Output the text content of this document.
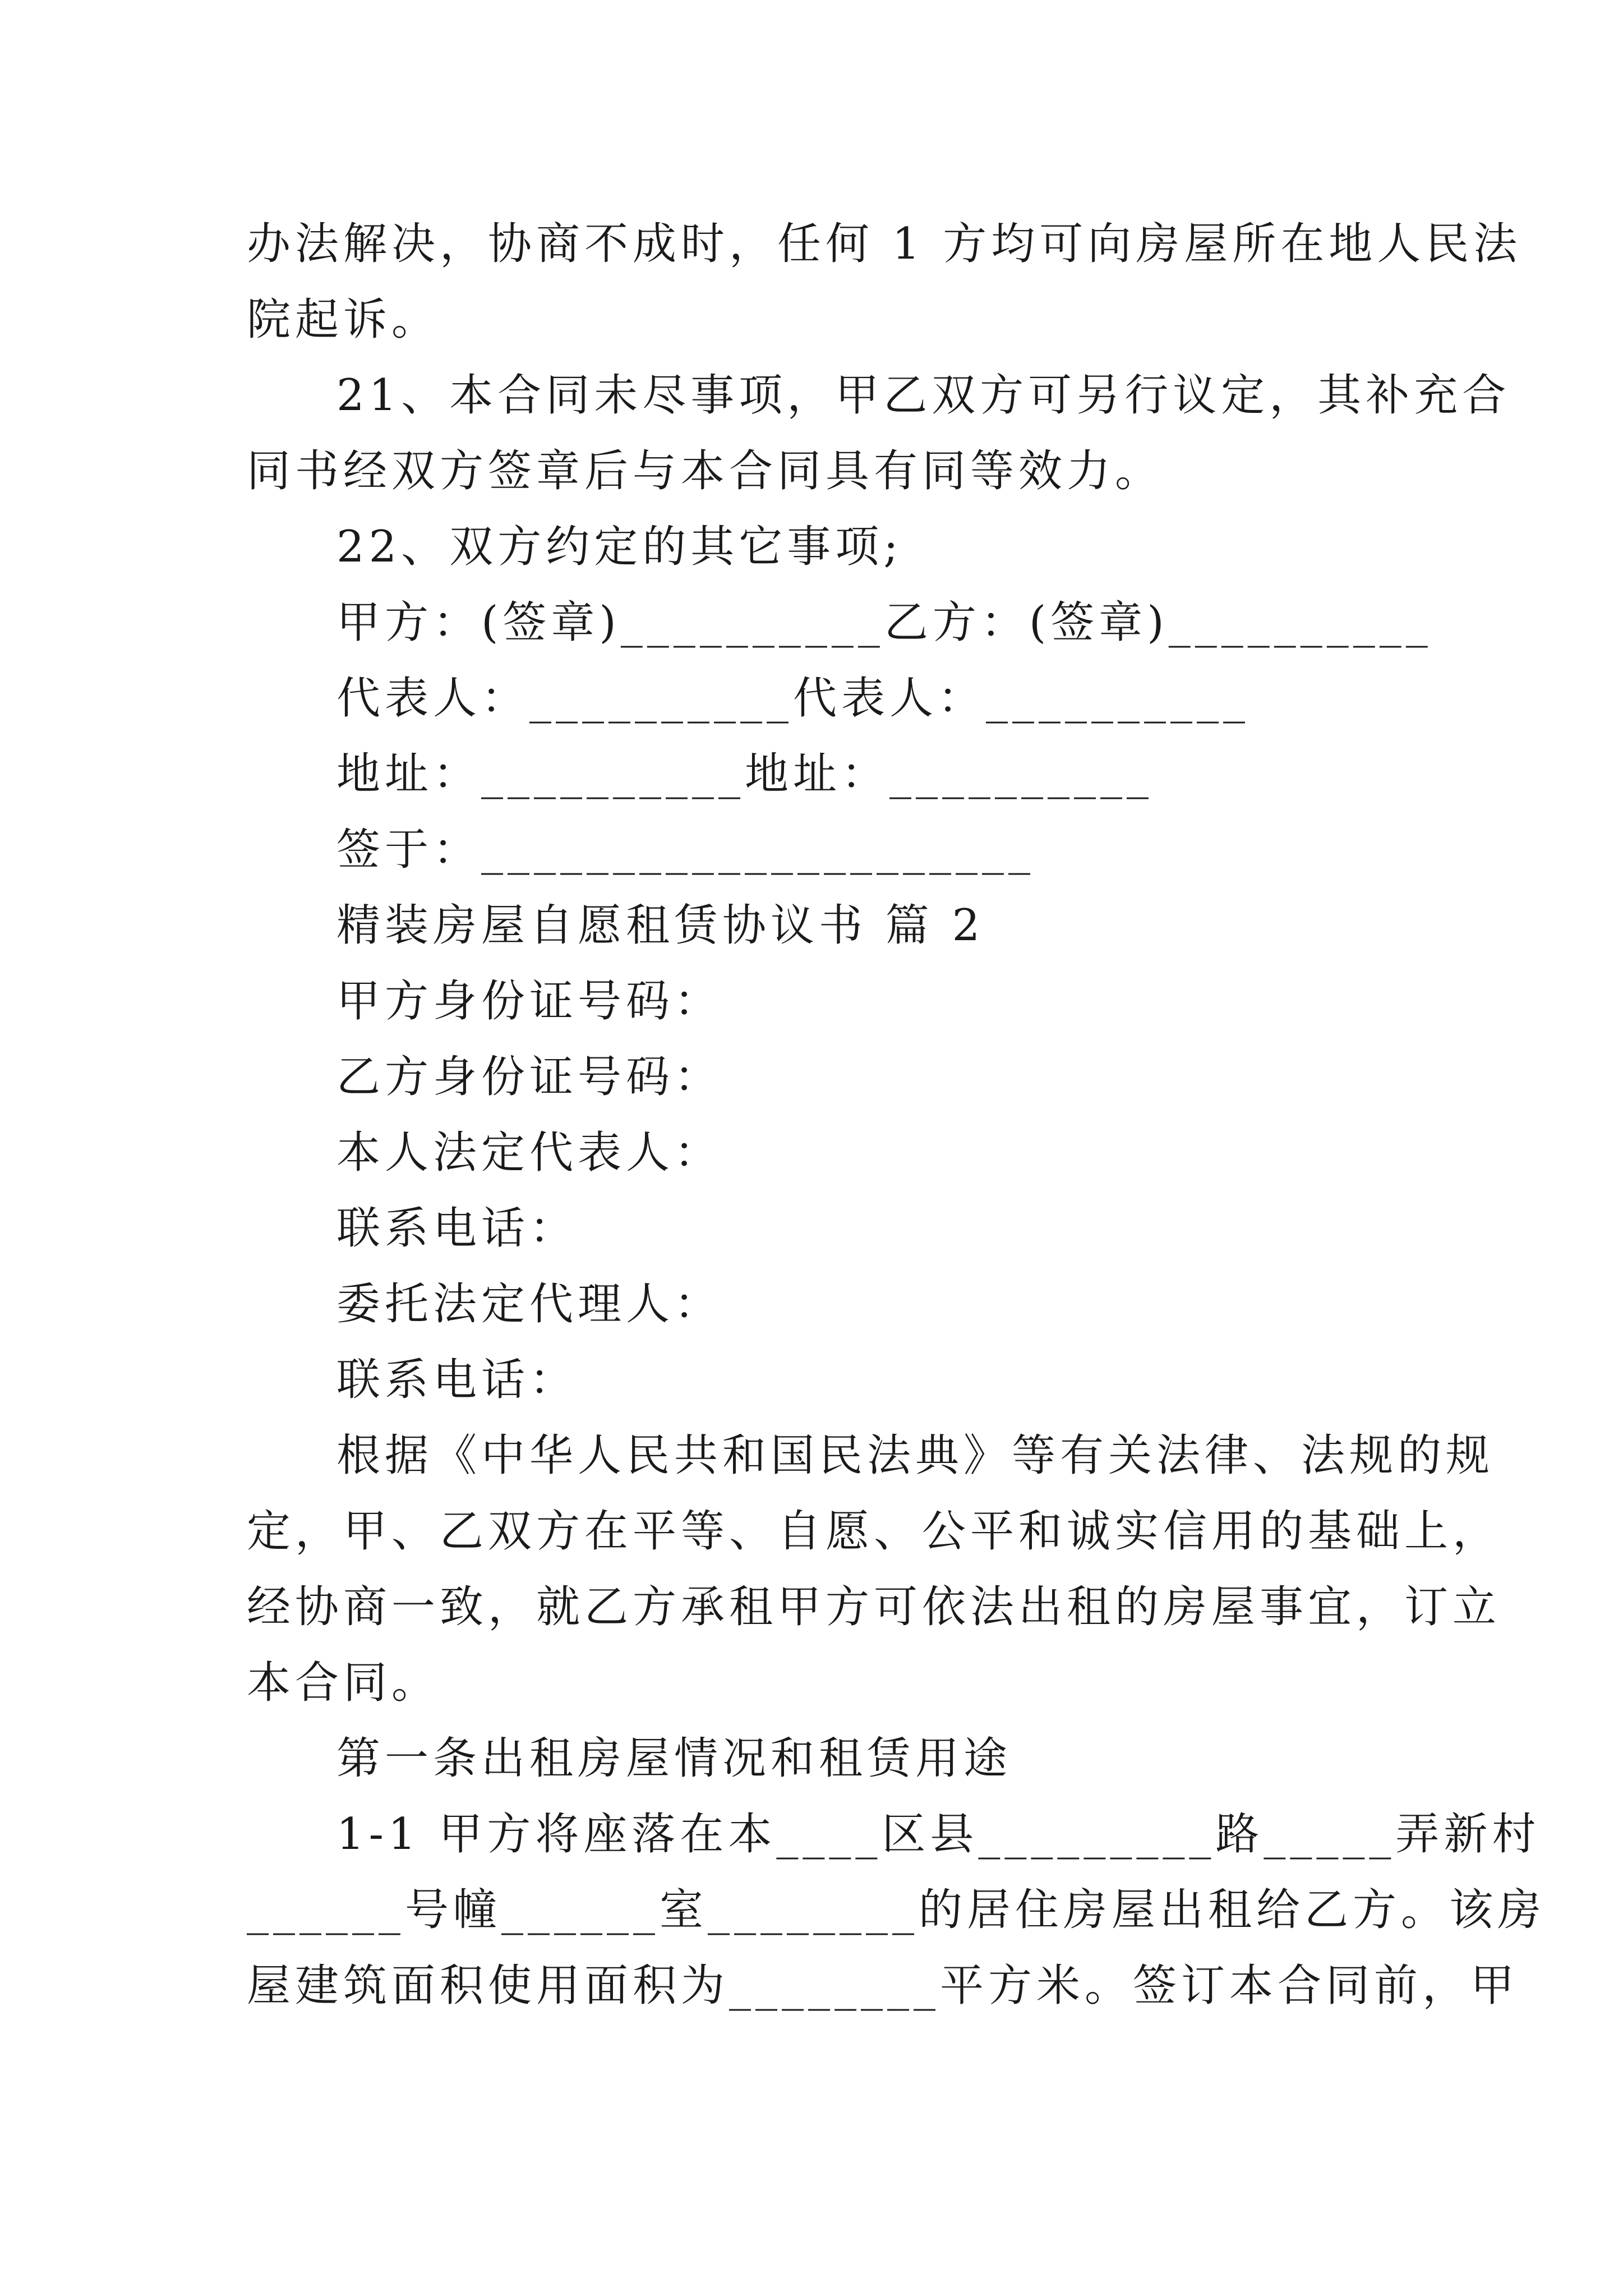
办法解决，协商不成时，任何 1 方均可向房屋所在地人民法

院起诉。

21、本合同未尽事项，甲乙双方可另行议定，其补充合

同书经双方签章后与本合同具有同等效力。

22、双方约定的其它事项;

甲方：(签章)__________乙方：(签章)__________

代表人：__________代表人：__________

地址：__________地址：__________

签于：_____________________

精装房屋自愿租赁协议书 篇 2

甲方身份证号码：

乙方身份证号码：

本人法定代表人：

联系电话：

委托法定代理人：

联系电话：

根据《中华人民共和国民法典》等有关法律、法规的规

定，甲、乙双方在平等、自愿、公平和诚实信用的基础上，

经协商一致，就乙方承租甲方可依法出租的房屋事宜，订立

本合同。

第一条出租房屋情况和租赁用途

1-1 甲方将座落在本____区县_________路_____弄新村

______号幢______室________的居住房屋出租给乙方。该房

屋建筑面积使用面积为________平方米。签订本合同前，甲
